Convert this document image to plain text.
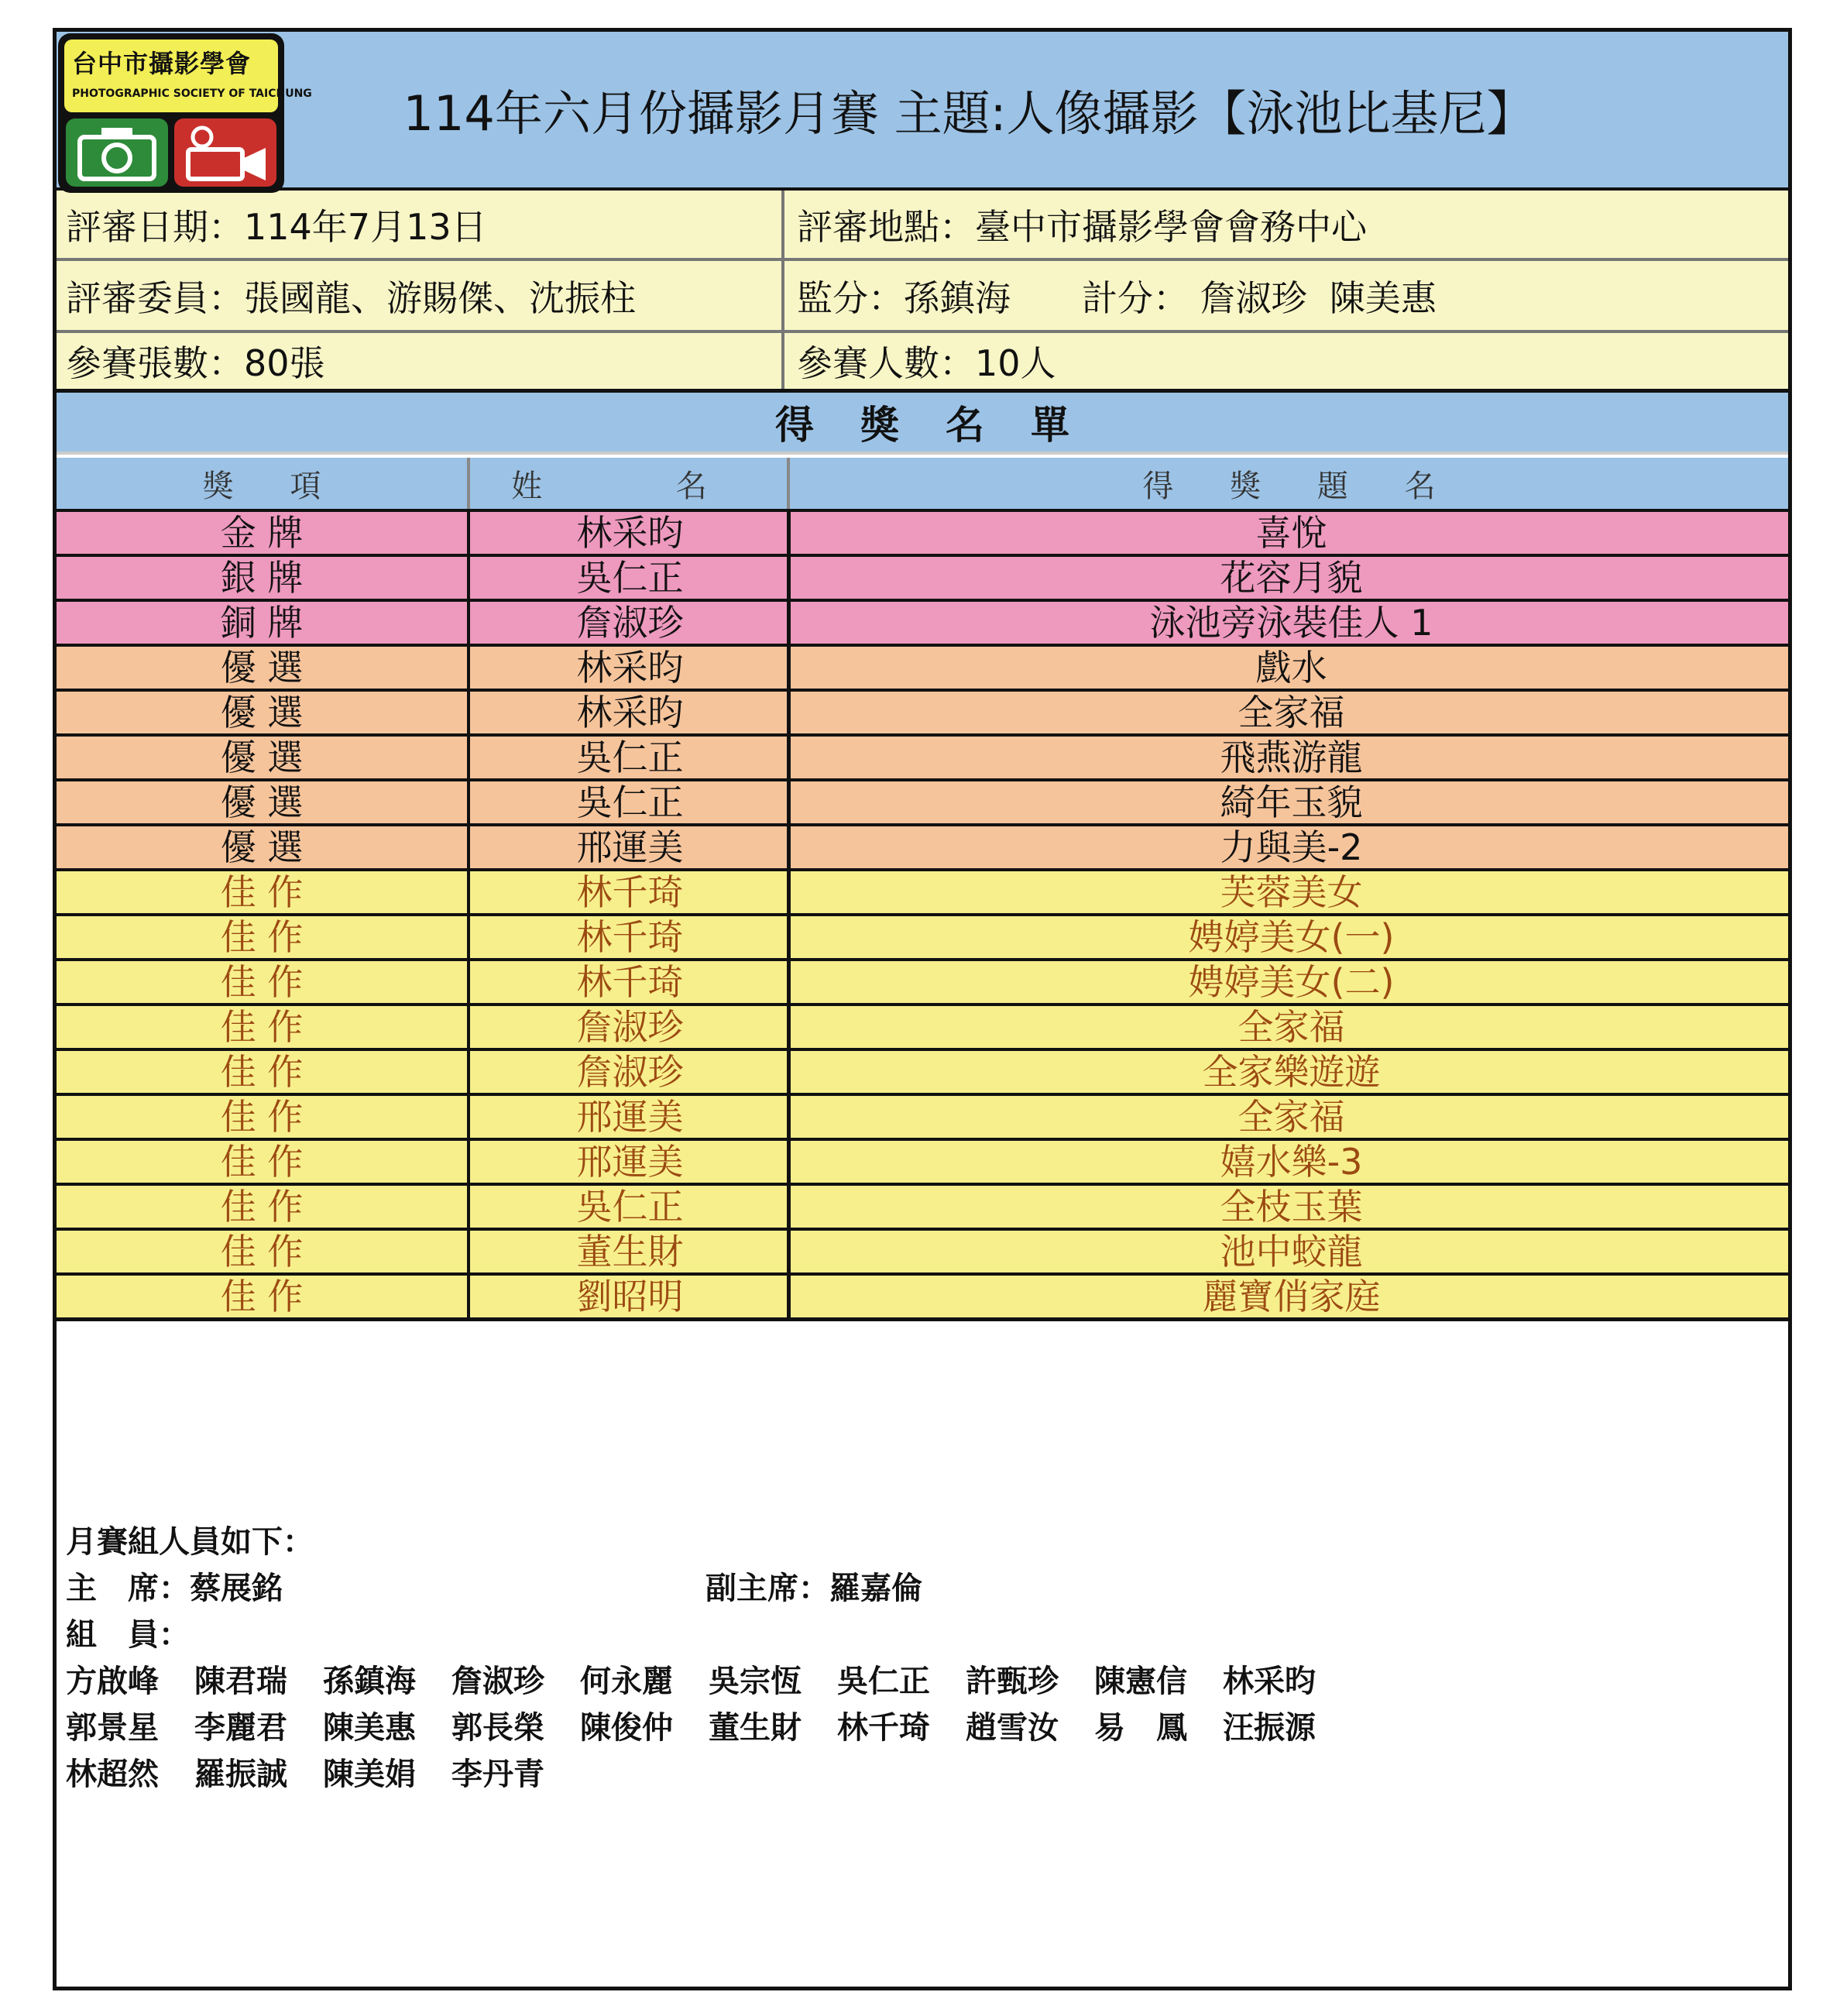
114年六月份攝影月賽 主題:人像攝影【泳池比基尼】
台中市攝影學會
PHOTOGRAPHIC SOCIETY OF TAICHUNG
評審日期：114年7月13日	評審地點：臺中市攝影學會會務中心
評審委員：張國龍、游賜傑、沈振柱	監分：孫鎮海　　計分： 詹淑珍  陳美惠
參賽張數：80張	參賽人數：10人
得獎名單
獎 項	姓 名	得 獎 題 名
金 牌	林采昀	喜悅
銀 牌	吳仁正	花容月貌
銅 牌	詹淑珍	泳池旁泳裝佳人 1
優 選	林采昀	戲水
優 選	林采昀	全家福
優 選	吳仁正	飛燕游龍
優 選	吳仁正	綺年玉貌
優 選	邢運美	力與美-2
佳 作	林千琦	芙蓉美女
佳 作	林千琦	娉婷美女(一)
佳 作	林千琦	娉婷美女(二)
佳 作	詹淑珍	全家福
佳 作	詹淑珍	全家樂遊遊
佳 作	邢運美	全家福
佳 作	邢運美	嬉水樂-3
佳 作	吳仁正	全枝玉葉
佳 作	董生財	池中蛟龍
佳 作	劉昭明	麗寶俏家庭
月賽組人員如下：
主　席：蔡展銘	副主席：羅嘉倫
組　員：
方啟峰 陳君瑞 孫鎮海 詹淑珍 何永麗 吳宗恆 吳仁正 許甄珍 陳憲信 林采昀
郭景星 李麗君 陳美惠 郭長榮 陳俊仲 董生財 林千琦 趙雪汝 易　鳳 汪振源
林超然 羅振誠 陳美娟 李丹青
